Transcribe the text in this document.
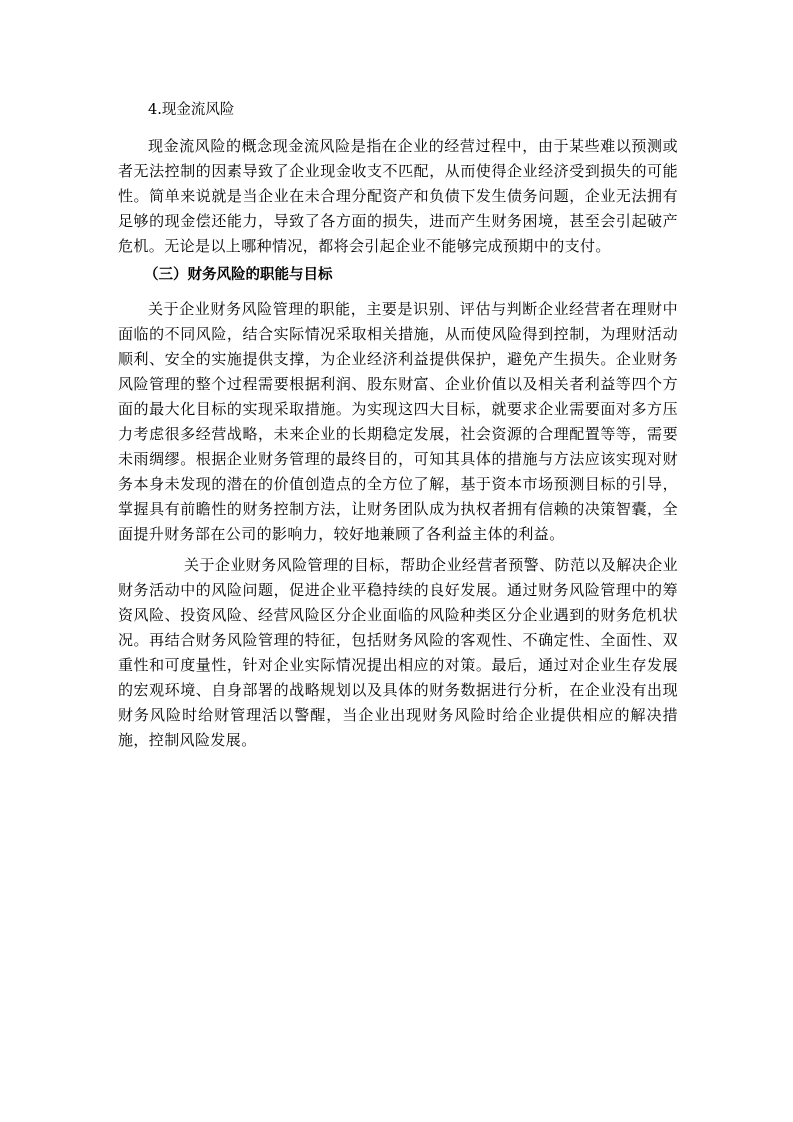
4.现金流风险

现金流风险的概念现金流风险是指在企业的经营过程中，由于某些难以预测或者无法控制的因素导致了企业现金收支不匹配，从而使得企业经济受到损失的可能性。简单来说就是当企业在未合理分配资产和负债下发生债务问题，企业无法拥有足够的现金偿还能力，导致了各方面的损失，进而产生财务困境，甚至会引起破产危机。无论是以上哪种情况，都将会引起企业不能够完成预期中的支付。

（三）财务风险的职能与目标

关于企业财务风险管理的职能，主要是识别、评估与判断企业经营者在理财中面临的不同风险，结合实际情况采取相关措施，从而使风险得到控制，为理财活动顺利、安全的实施提供支撑，为企业经济利益提供保护，避免产生损失。企业财务风险管理的整个过程需要根据利润、股东财富、企业价值以及相关者利益等四个方面的最大化目标的实现采取措施。为实现这四大目标，就要求企业需要面对多方压力考虑很多经营战略，未来企业的长期稳定发展，社会资源的合理配置等等，需要未雨绸缪。根据企业财务管理的最终目的，可知其具体的措施与方法应该实现对财务本身未发现的潜在的价值创造点的全方位了解，基于资本市场预测目标的引导，掌握具有前瞻性的财务控制方法，让财务团队成为执权者拥有信赖的决策智囊，全面提升财务部在公司的影响力，较好地兼顾了各利益主体的利益。

关于企业财务风险管理的目标，帮助企业经营者预警、防范以及解决企业财务活动中的风险问题，促进企业平稳持续的良好发展。通过财务风险管理中的筹资风险、投资风险、经营风险区分企业面临的风险种类区分企业遇到的财务危机状况。再结合财务风险管理的特征，包括财务风险的客观性、不确定性、全面性、双重性和可度量性，针对企业实际情况提出相应的对策。最后，通过对企业生存发展的宏观环境、自身部署的战略规划以及具体的财务数据进行分析，在企业没有出现财务风险时给财管理活以警醒，当企业出现财务风险时给企业提供相应的解决措施，控制风险发展。
